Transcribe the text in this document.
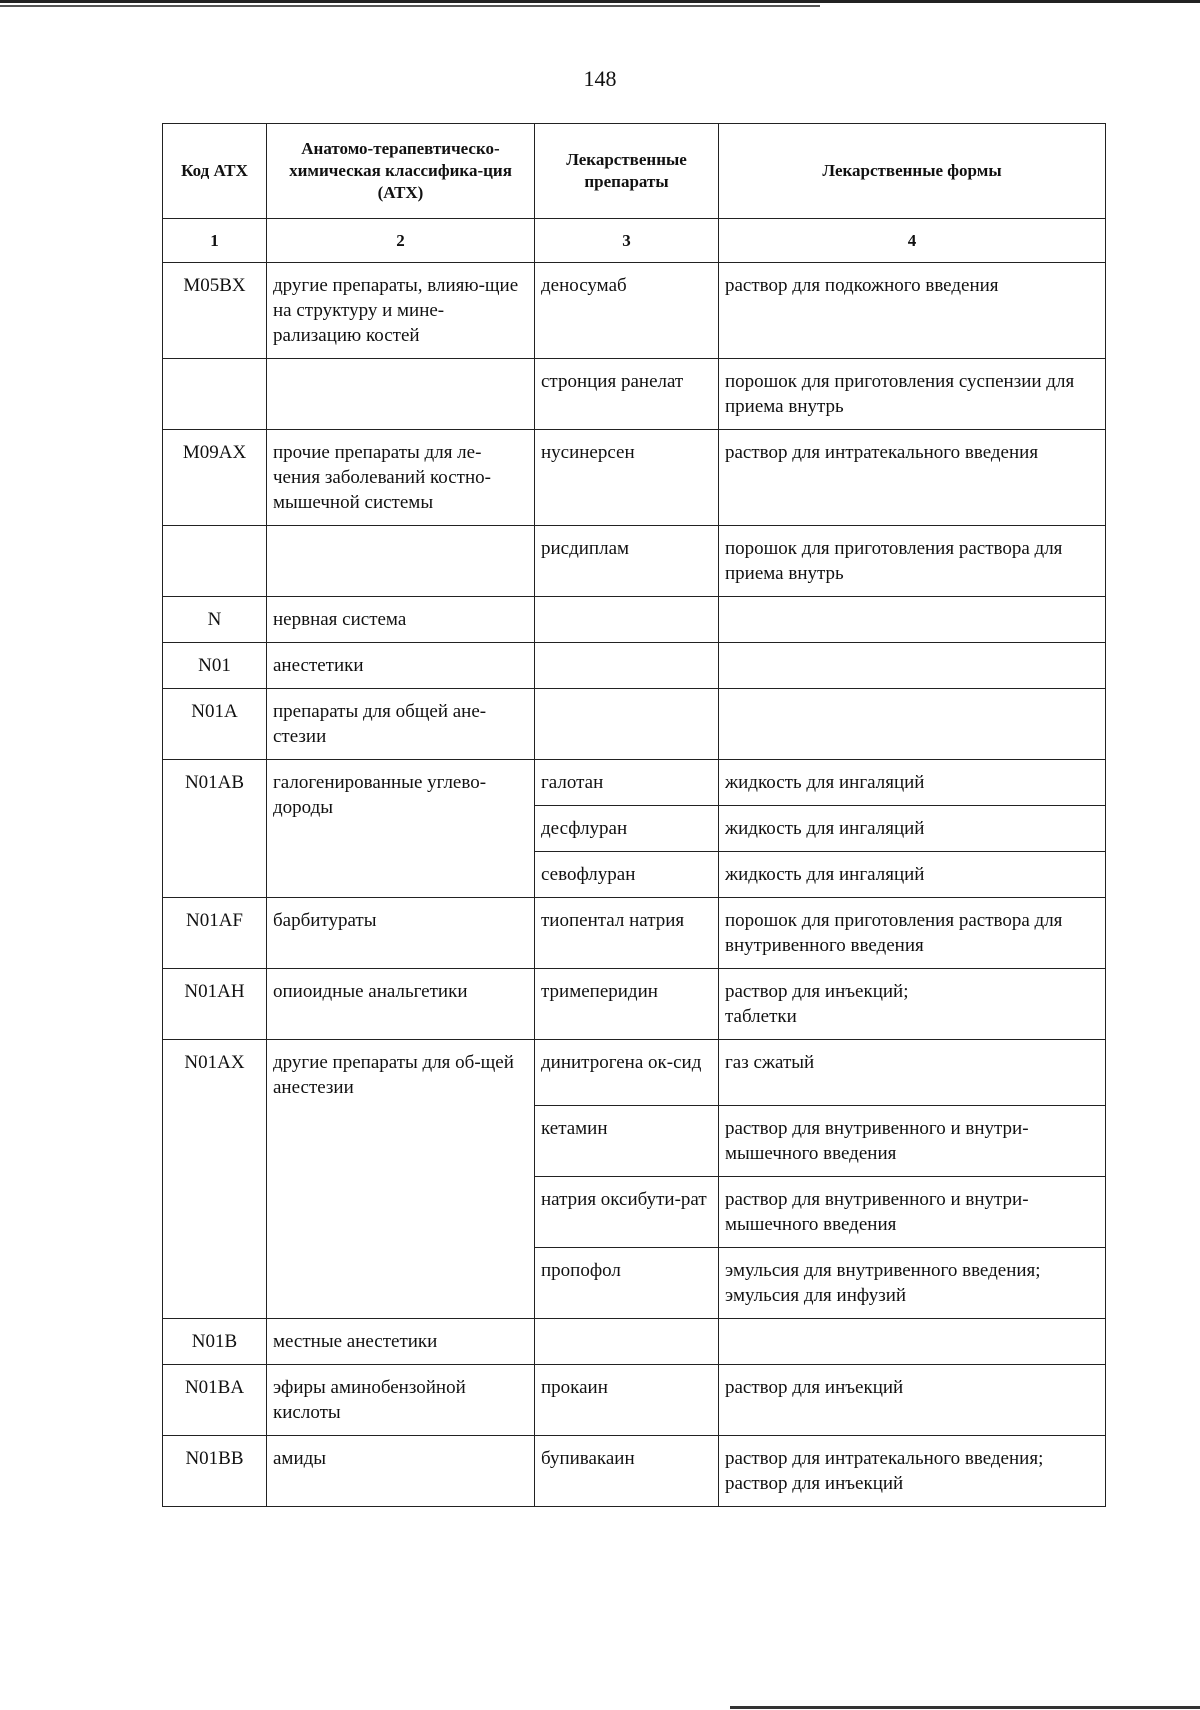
148
Код АТХ	Анатомо-терапевтическо-химическая классифика-ция (АТХ)	Лекарственные препараты	Лекарственные формы
1	2	3	4
M05BX	другие препараты, влияю-щие на структуру и мине-рализацию костей	деносумаб	раствор для подкожного введения
		стронция ранелат	порошок для приготовления суспензии для приема внутрь
M09AX	прочие препараты для ле-чения заболеваний костно-мышечной системы	нусинерсен	раствор для интратекального введения
		рисдиплам	порошок для приготовления раствора для приема внутрь
N	нервная система		
N01	анестетики		
N01A	препараты для общей ане-стезии		
N01AB	галогенированные углево-дороды	галотан	жидкость для ингаляций
		десфлуран	жидкость для ингаляций
		севофлуран	жидкость для ингаляций
N01AF	барбитураты	тиопентал натрия	порошок для приготовления раствора для внутривенного введения
N01AH	опиоидные анальгетики	тримеперидин	раствор для инъекций;
таблетки
N01AX	другие препараты для об-щей анестезии	динитрогена ок-сид	газ сжатый
		кетамин	раствор для внутривенного и внутри-мышечного введения
		натрия оксибути-рат	раствор для внутривенного и внутри-мышечного введения
		пропофол	эмульсия для внутривенного введения;
эмульсия для инфузий
N01B	местные анестетики		
N01BA	эфиры аминобензойной кислоты	прокаин	раствор для инъекций
N01BB	амиды	бупивакаин	раствор для интратекального введения;
раствор для инъекций
